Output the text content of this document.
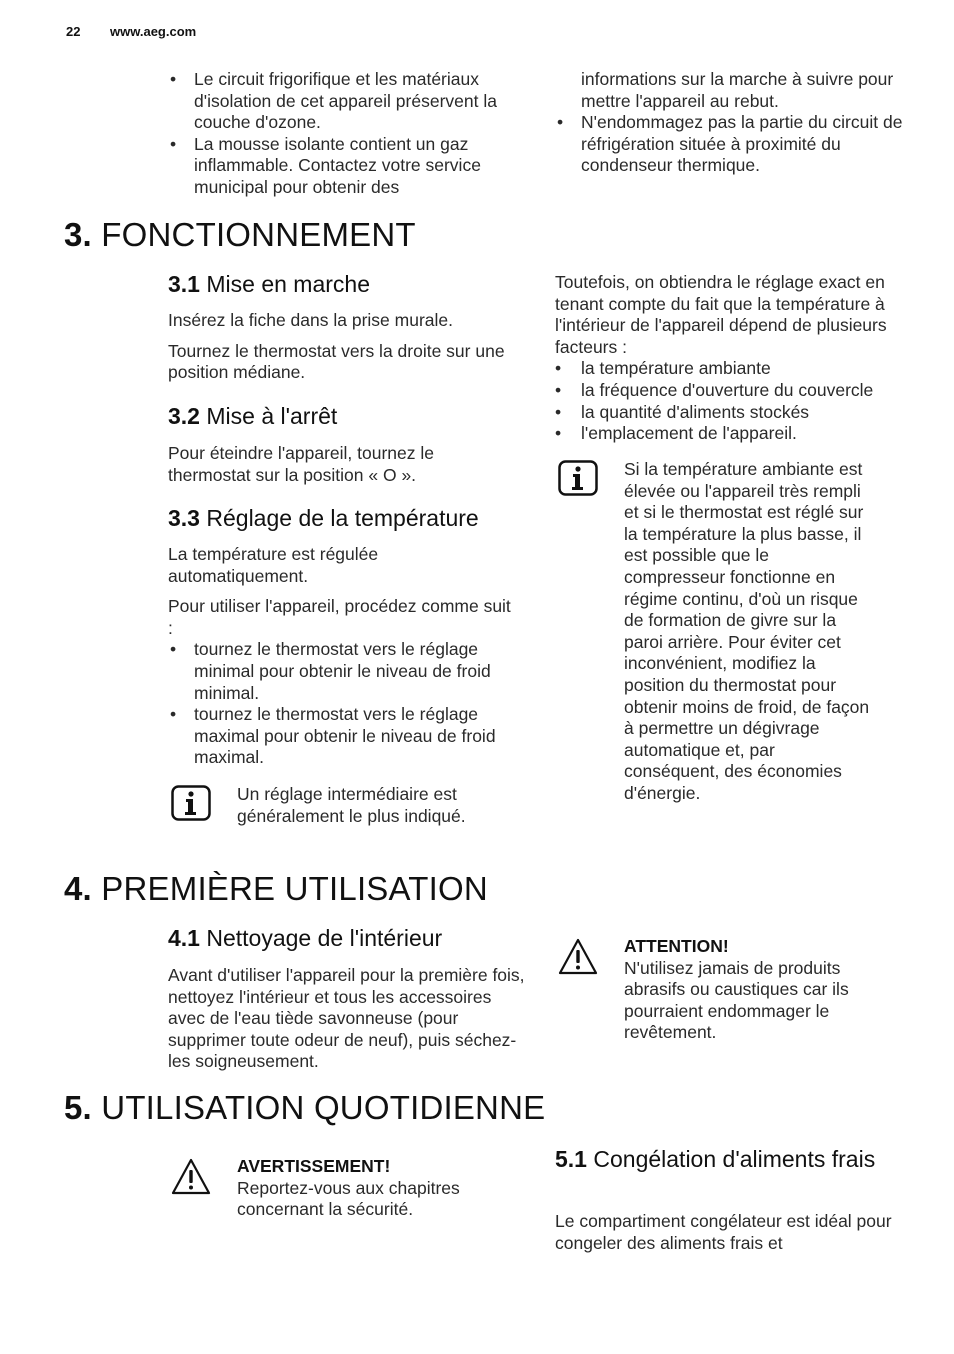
22 www.aeg.com
• Le circuit frigorifique et les matériaux d'isolation de cet appareil préservent la couche d'ozone.
• La mousse isolante contient un gaz inflammable. Contactez votre service municipal pour obtenir des

informations sur la marche à suivre pour mettre l'appareil au rebut.

• N'endommagez pas la partie du circuit de réfrigération située à proximité du condenseur thermique.
3. FONCTIONNEMENT
3.1 Mise en marche

Insérez la fiche dans la prise murale.

Tournez le thermostat vers la droite sur une position médiane.

3.2 Mise à l'arrêt

Pour éteindre l'appareil, tournez le thermostat sur la position « O ».

3.3 Réglage de la température

La température est régulée automatiquement.

Pour utiliser l'appareil, procédez comme suit :

• tournez le thermostat vers le réglage minimal pour obtenir le niveau de froid minimal.
• tournez le thermostat vers le réglage maximal pour obtenir le niveau de froid maximal.
Un réglage intermédiaire est généralement le plus indiqué.

Toutefois, on obtiendra le réglage exact en tenant compte du fait que la température à l'intérieur de l'appareil dépend de plusieurs facteurs :

• la température ambiante
• la fréquence d'ouverture du couvercle
• la quantité d'aliments stockés
• l'emplacement de l'appareil.
Si la température ambiante est élevée ou l'appareil très rempli et si le thermostat est réglé sur la température la plus basse, il est possible que le compresseur fonctionne en régime continu, d'où un risque de formation de givre sur la paroi arrière. Pour éviter cet inconvénient, modifiez la position du thermostat pour obtenir moins de froid, de façon à permettre un dégivrage automatique et, par conséquent, des économies d'énergie.
4. PREMIÈRE UTILISATION
4.1 Nettoyage de l'intérieur

Avant d'utiliser l'appareil pour la première fois, nettoyez l'intérieur et tous les accessoires avec de l'eau tiède savonneuse (pour supprimer toute odeur de neuf), puis séchez-les soigneusement.

ATTENTION!
N'utilisez jamais de produits abrasifs ou caustiques car ils pourraient endommager le revêtement.
5. UTILISATION QUOTIDIENNE
AVERTISSEMENT!
Reportez-vous aux chapitres concernant la sécurité.
5.1 Congélation d'aliments frais

Le compartiment congélateur est idéal pour congeler des aliments frais et
